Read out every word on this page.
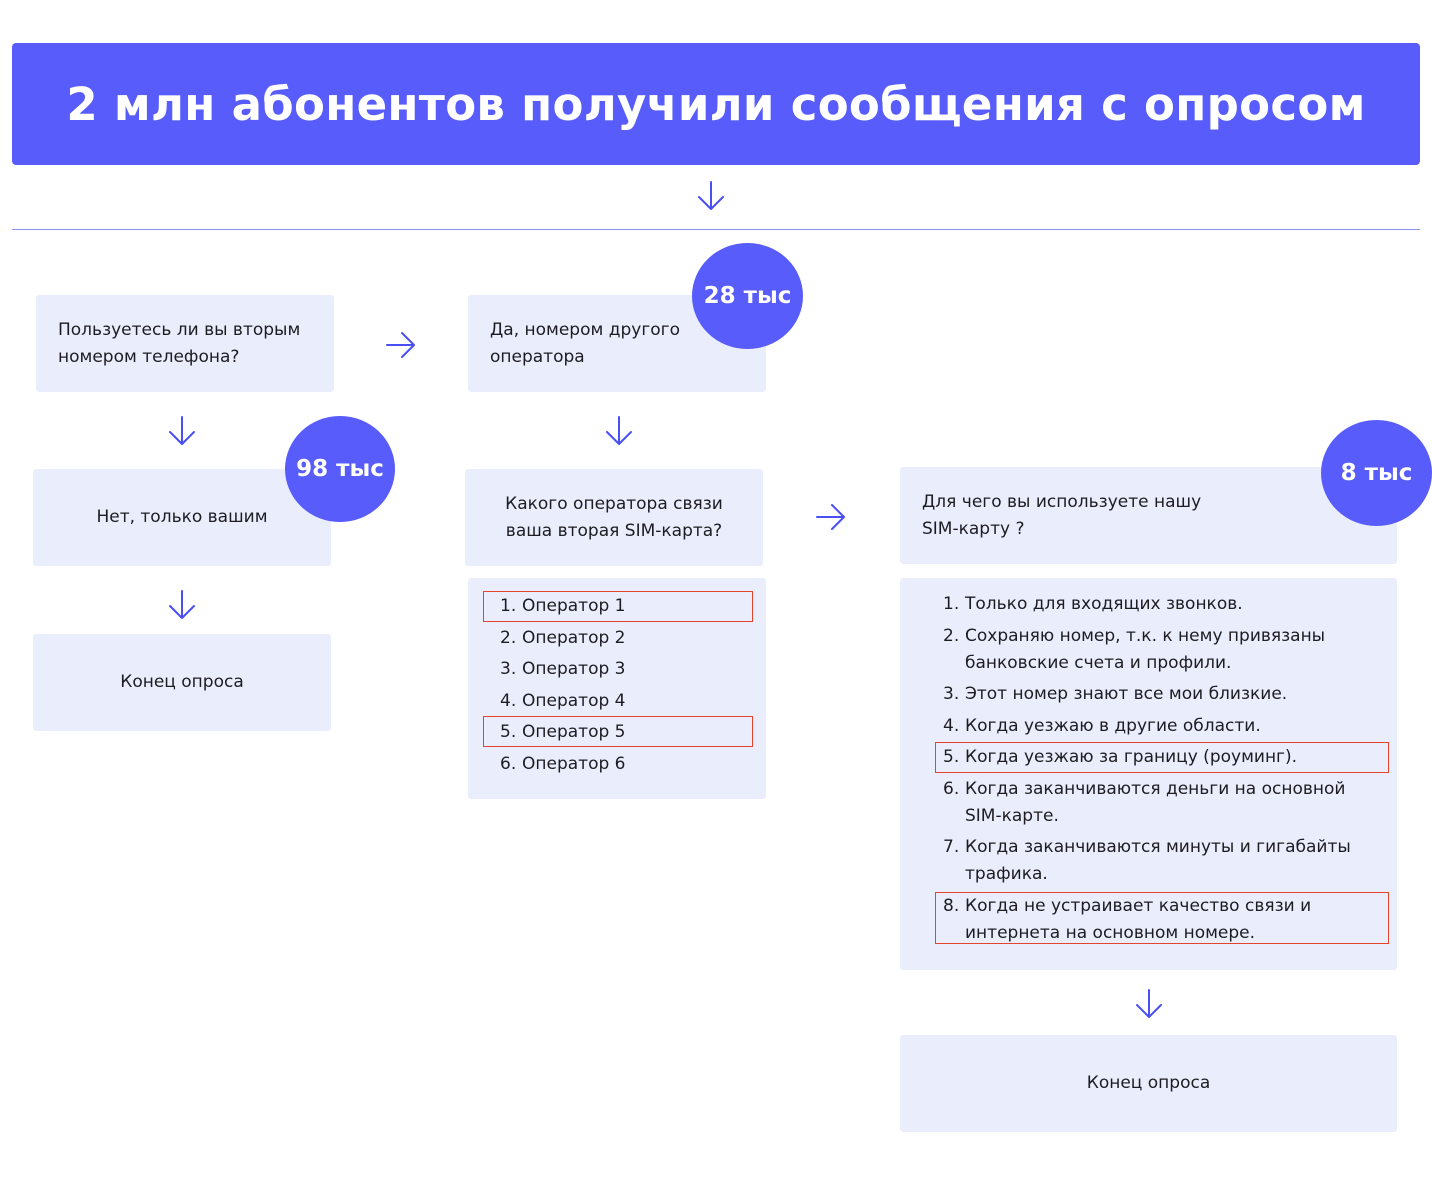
2 млн абонентов получили сообщения с опросом
Пользуетесь ли вы вторым номером телефона?
Нет, только вашим
98 тыс
Конец опроса
Да, номером другого оператора
28 тыс
Какого оператора связи ваша вторая SIM-карта?
1. Оператор 1
2. Оператор 2
3. Оператор 3
4. Оператор 4
5. Оператор 5
6. Оператор 6
Для чего вы используете нашу SIM-карту ?
8 тыс
1. Только для входящих звонков.
2. Сохраняю номер, т.к. к нему привязаны банковские счета и профили.
3. Этот номер знают все мои близкие.
4. Когда уезжаю в другие области.
5. Когда уезжаю за границу (роуминг).
6. Когда заканчиваются деньги на основной SIM-карте.
7. Когда заканчиваются минуты и гигабайты трафика.
8. Когда не устраивает качество связи и интернета на основном номере.
Конец опроса
